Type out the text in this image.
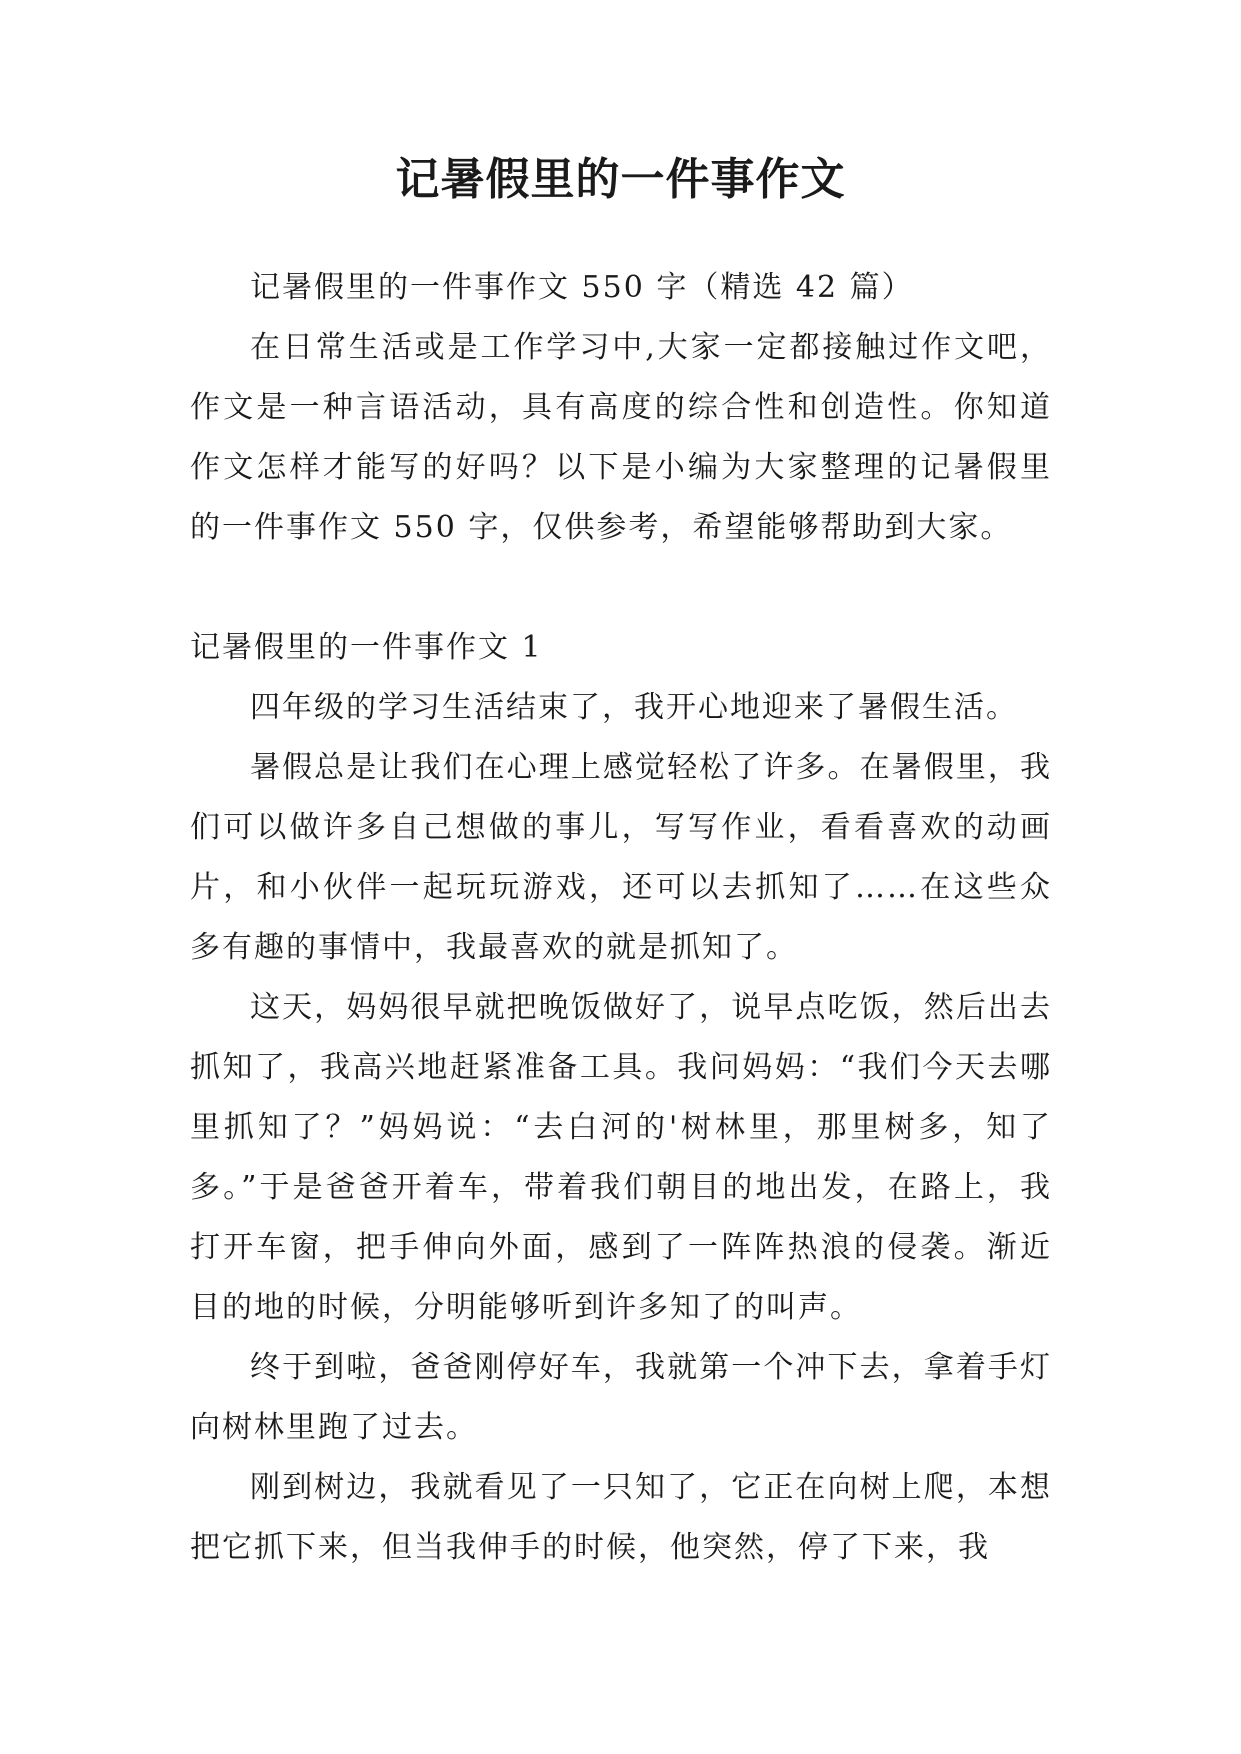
记暑假里的一件事作文

记暑假里的一件事作文 550 字（精选 42 篇）

在日常生活或是工作学习中,大家一定都接触过作文吧，作文是一种言语活动，具有高度的综合性和创造性。你知道作文怎样才能写的好吗？以下是小编为大家整理的记暑假里的一件事作文 550 字，仅供参考，希望能够帮助到大家。

记暑假里的一件事作文 1

四年级的学习生活结束了，我开心地迎来了暑假生活。

暑假总是让我们在心理上感觉轻松了许多。在暑假里，我们可以做许多自己想做的事儿，写写作业，看看喜欢的动画片，和小伙伴一起玩玩游戏，还可以去抓知了……在这些众多有趣的事情中，我最喜欢的就是抓知了。

这天，妈妈很早就把晚饭做好了，说早点吃饭，然后出去抓知了，我高兴地赶紧准备工具。我问妈妈：“我们今天去哪里抓知了？”妈妈说：“去白河的'树林里，那里树多，知了多。”于是爸爸开着车，带着我们朝目的地出发，在路上，我打开车窗，把手伸向外面，感到了一阵阵热浪的侵袭。渐近目的地的时候，分明能够听到许多知了的叫声。

终于到啦，爸爸刚停好车，我就第一个冲下去，拿着手灯向树林里跑了过去。

刚到树边，我就看见了一只知了，它正在向树上爬，本想把它抓下来，但当我伸手的时候，他突然，停了下来，我
